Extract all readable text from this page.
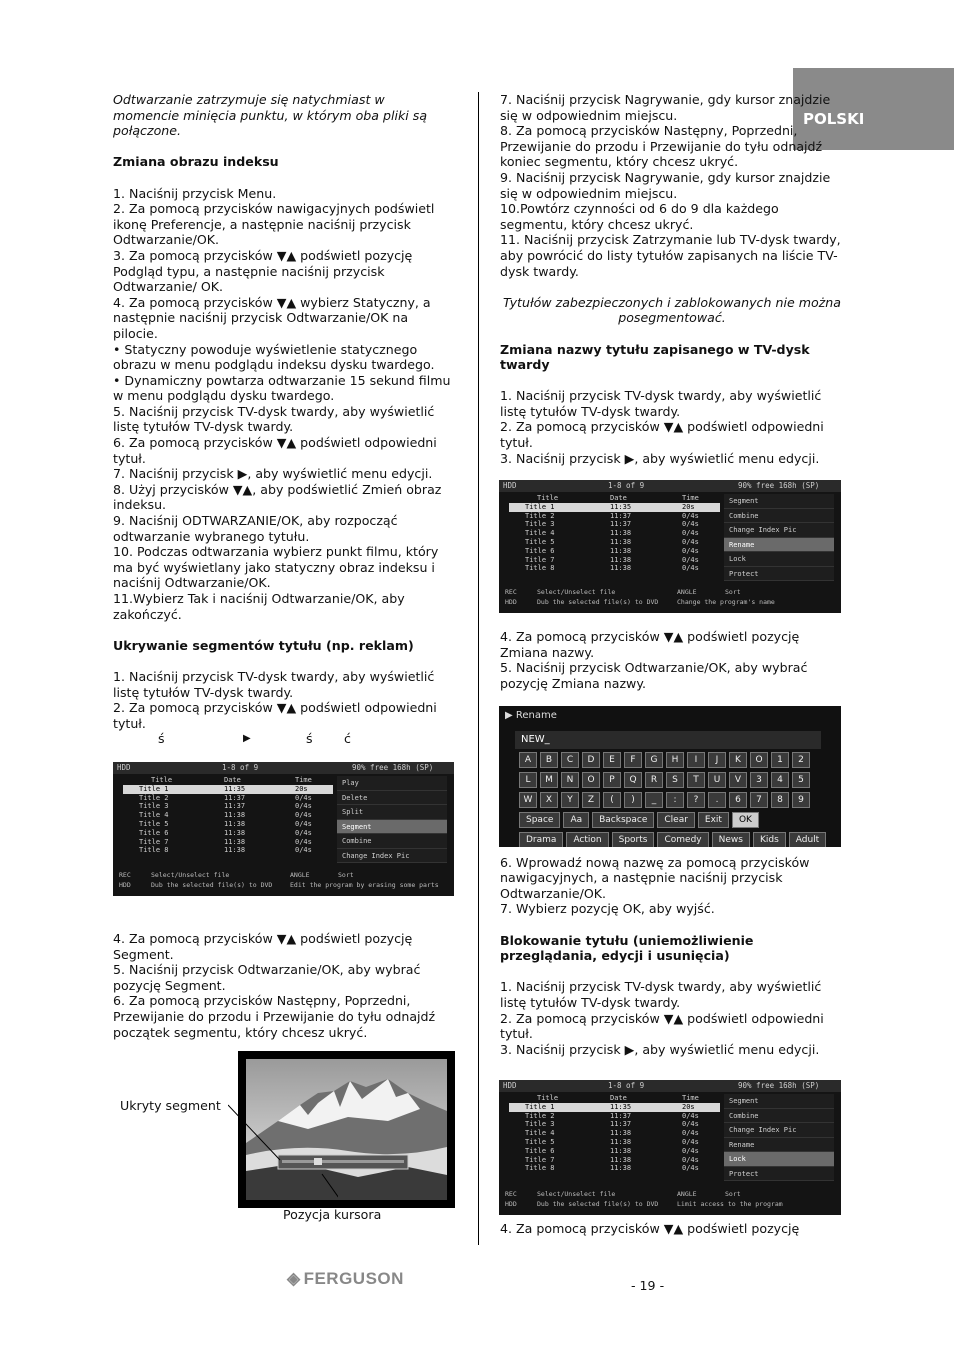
POLSKI

Odtwarzanie zatrzymuje się natychmiast w momencie minięcia punktu, w którym oba pliki są połączone.

Zmiana obrazu indeksu

1. Naciśnij przycisk Menu.

2. Za pomocą przycisków nawigacyjnych podświetl ikonę Preferencje, a następnie naciśnij przycisk Odtwarzanie/OK.

3. Za pomocą przycisków ▼▲ podświetl pozycję Podgląd typu, a następnie naciśnij przycisk Odtwarzanie/ OK.

4. Za pomocą przycisków ▼▲ wybierz Statyczny, a następnie naciśnij przycisk Odtwarzanie/OK na pilocie.

• Statyczny powoduje wyświetlenie statycznego obrazu w menu podglądu indeksu dysku twardego.

• Dynamiczny powtarza odtwarzanie 15 sekund filmu w menu podglądu dysku twardego.

5. Naciśnij przycisk TV-dysk twardy, aby wyświetlić listę tytułów TV-dysk twardy.

6. Za pomocą przycisków ▼▲ podświetl odpowiedni tytuł.

7. Naciśnij przycisk ▶, aby wyświetlić menu edycji.

8. Użyj przycisków ▼▲, aby podświetlić Zmień obraz indeksu.

9. Naciśnij ODTWARZANIE/OK, aby rozpocząć odtwarzanie wybranego tytułu.

10. Podczas odtwarzania wybierz punkt filmu, który ma być wyświetlany jako statyczny obraz indeksu i naciśnij Odtwarzanie/OK.

11.Wybierz Tak i naciśnij Odtwarzanie/OK, aby zakończyć.

Ukrywanie segmentów tytułu (np. reklam)

1. Naciśnij przycisk TV-dysk twardy, aby wyświetlić listę tytułów TV-dysk twardy.

2. Za pomocą przycisków ▼▲ podświetl odpowiedni tytuł.

ś	▶	ś ć

4. Za pomocą przycisków ▼▲ podświetl pozycję Segment.

5. Naciśnij przycisk Odtwarzanie/OK, aby wybrać pozycję Segment.

6. Za pomocą przycisków Następny, Poprzedni, Przewijanie do przodu i Przewijanie do tyłu odnajdź początek segmentu, który chcesz ukryć.

7. Naciśnij przycisk Nagrywanie, gdy kursor znajdzie się w odpowiednim miejscu.

8. Za pomocą przycisków Następny, Poprzedni, Przewijanie do przodu i Przewijanie do tyłu odnajdź koniec segmentu, który chcesz ukryć.

9. Naciśnij przycisk Nagrywanie, gdy kursor znajdzie się w odpowiednim miejscu.

10.Powtórz czynności od 6 do 9 dla każdego segmentu, który chcesz ukryć.

11. Naciśnij przycisk Zatrzymanie lub TV-dysk twardy, aby powrócić do listy tytułów zapisanych na liście TV-dysk twardy.

Tytułów zabezpieczonych i zablokowanych nie można posegmentować.

Zmiana nazwy tytułu zapisanego w TV-dysk twardy

1. Naciśnij przycisk TV-dysk twardy, aby wyświetlić listę tytułów TV-dysk twardy.

2. Za pomocą przycisków ▼▲ podświetl odpowiedni tytuł.

3. Naciśnij przycisk ▶, aby wyświetlić menu edycji.

4. Za pomocą przycisków ▼▲ podświetl pozycję Zmiana nazwy.

5. Naciśnij przycisk Odtwarzanie/OK, aby wybrać pozycję Zmiana nazwy.

6. Wprowadź nową nazwę za pomocą przycisków nawigacyjnych, a następnie naciśnij przycisk Odtwarzanie/OK.

7. Wybierz pozycję OK, aby wyjść.

Blokowanie tytułu (uniemożliwienie przeglądania, edycji i usunięcia)

1. Naciśnij przycisk TV-dysk twardy, aby wyświetlić listę tytułów TV-dysk twardy.

2. Za pomocą przycisków ▼▲ podświetl odpowiedni tytuł.

3. Naciśnij przycisk ▶, aby wyświetlić menu edycji.

4. Za pomocą przycisków ▼▲ podświetl pozycję

HDD	1-8 of 9	90% free 168h (SP)
Title	Date	Time
Title 1	11:35	20s
Title 2	11:37	0/4s
Title 3	11:37	0/4s
Title 4	11:38	0/4s
Title 5	11:38	0/4s
Title 6	11:38	0/4s
Title 7	11:38	0/4s
Title 8	11:38	0/4s
Play
Delete
Split
Segment
Combine
Change Index Pic
REC	Select/Unselect file	ANGLE	Sort
HDD	Dub the selected file(s) to DVD	Edit the program by erasing some parts
HDD	1-8 of 9	90% free 168h (SP)
Title	Date	Time
Title 1	11:35	20s
Title 2	11:37	0/4s
Title 3	11:37	0/4s
Title 4	11:38	0/4s
Title 5	11:38	0/4s
Title 6	11:38	0/4s
Title 7	11:38	0/4s
Title 8	11:38	0/4s
Segment
Combine
Change Index Pic
Rename
Lock
Protect
REC	Select/Unselect file	ANGLE	Sort
HDD	Dub the selected file(s) to DVD	Change the program's name
HDD	1-8 of 9	90% free 168h (SP)
Title	Date	Time
Title 1	11:35	20s
Title 2	11:37	0/4s
Title 3	11:37	0/4s
Title 4	11:38	0/4s
Title 5	11:38	0/4s
Title 6	11:38	0/4s
Title 7	11:38	0/4s
Title 8	11:38	0/4s
Segment
Combine
Change Index Pic
Rename
Lock
Protect
REC	Select/Unselect file	ANGLE	Sort
HDD	Dub the selected file(s) to DVD	Limit access to the program
▶ Rename
NEW_
A	B	C	D	E	F	G	H	I	J	K	O	1	2
L	M	N	O	P	Q	R	S	T	U	V	3	4	5
W	X	Y	Z	(	)	_	:	?	.	6	7	8	9
Space	Aa	Backspace	Clear	Exit	OK
Drama	Action	Sports	Comedy	News	Kids	Adult
Ukryty segment
Pozycja kursora
◈ FERGUSON	- 19 -
